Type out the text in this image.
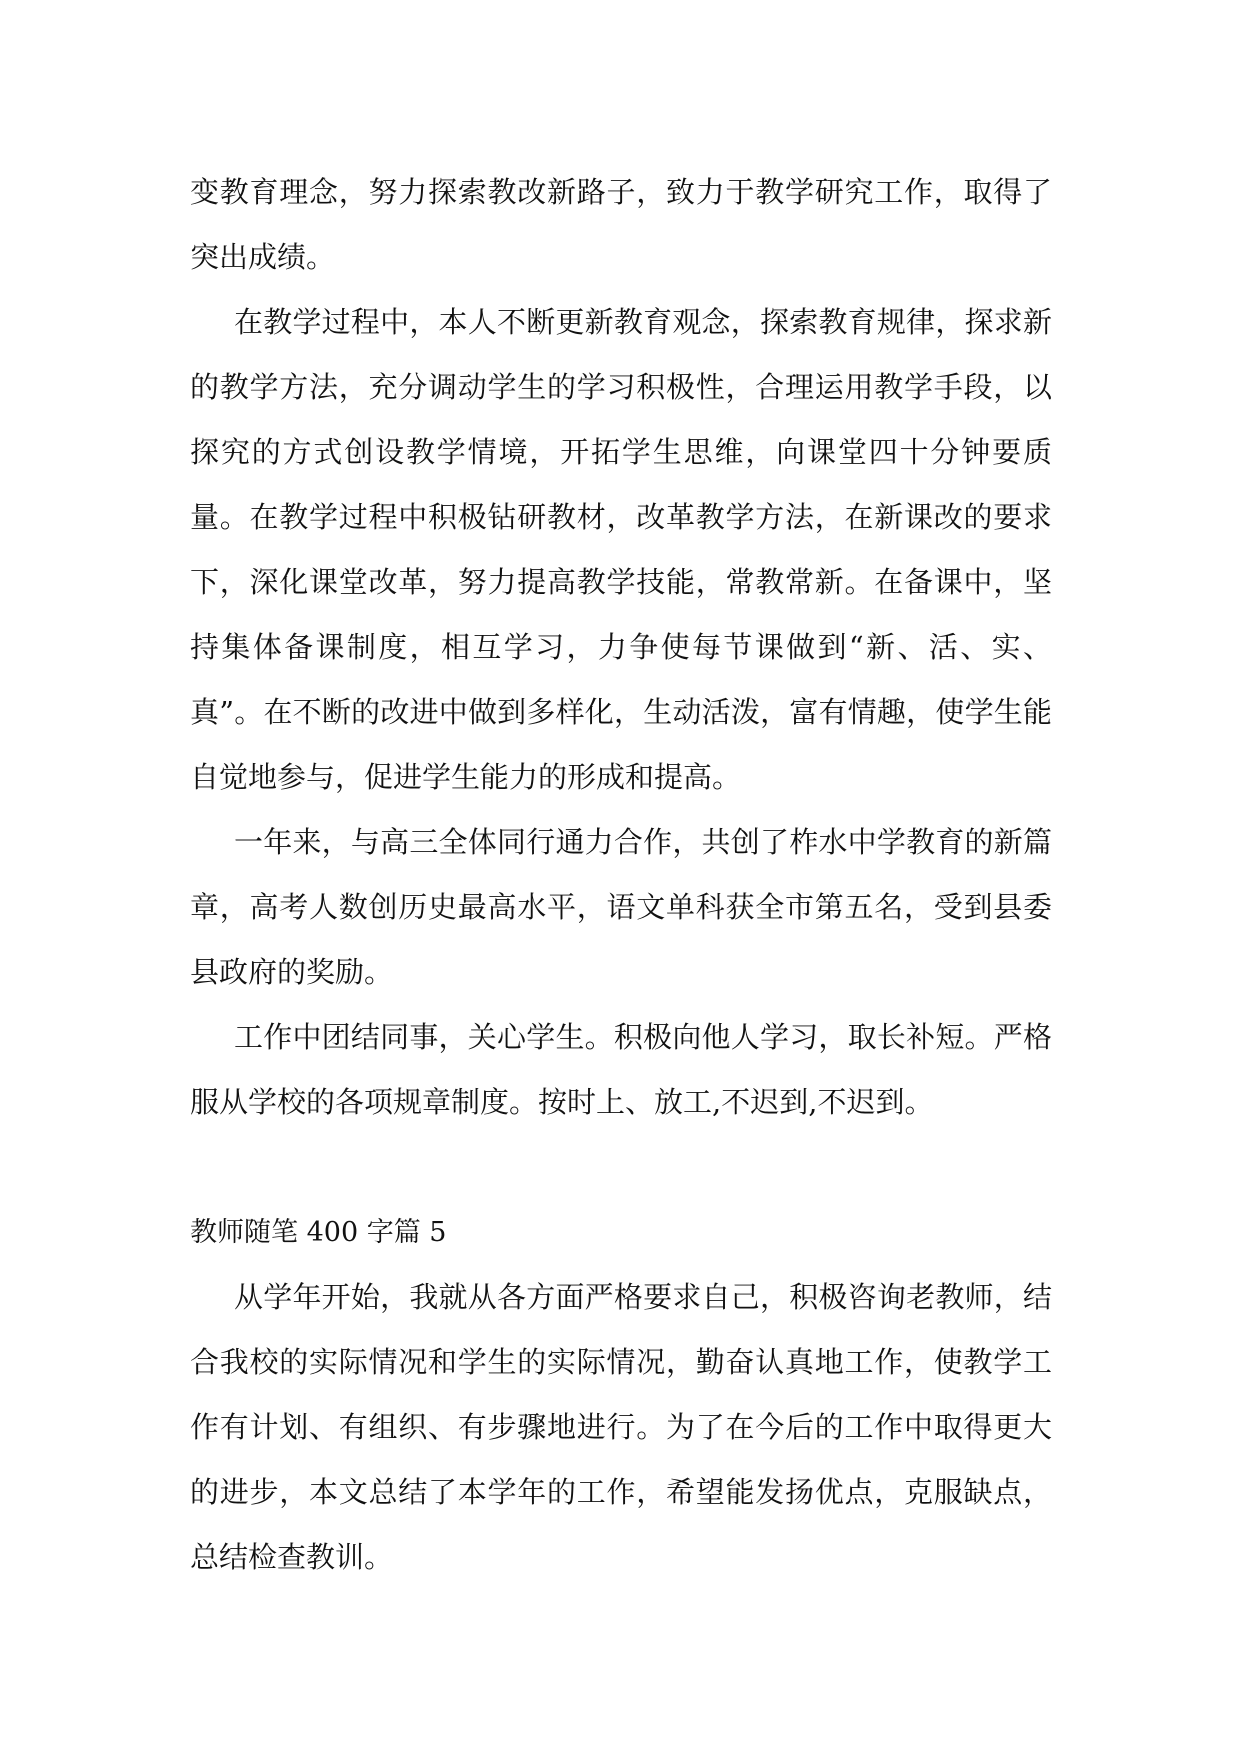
变教育理念，努力探索教改新路子，致力于教学研究工作，取得了突出成绩。

在教学过程中，本人不断更新教育观念，探索教育规律，探求新的教学方法，充分调动学生的学习积极性，合理运用教学手段，以探究的方式创设教学情境，开拓学生思维，向课堂四十分钟要质量。在教学过程中积极钻研教材，改革教学方法，在新课改的要求下，深化课堂改革，努力提高教学技能，常教常新。在备课中，坚持集体备课制度，相互学习，力争使每节课做到“新、活、实、真”。在不断的改进中做到多样化，生动活泼，富有情趣，使学生能自觉地参与，促进学生能力的形成和提高。

一年来，与高三全体同行通力合作，共创了柞水中学教育的新篇章，高考人数创历史最高水平，语文单科获全市第五名，受到县委县政府的奖励。

工作中团结同事，关心学生。积极向他人学习，取长补短。严格服从学校的各项规章制度。按时上、放工,不迟到,不迟到。

教师随笔 400 字篇 5

从学年开始，我就从各方面严格要求自己，积极咨询老教师，结合我校的实际情况和学生的实际情况，勤奋认真地工作，使教学工作有计划、有组织、有步骤地进行。为了在今后的工作中取得更大的进步，本文总结了本学年的工作，希望能发扬优点，克服缺点，总结检查教训。
